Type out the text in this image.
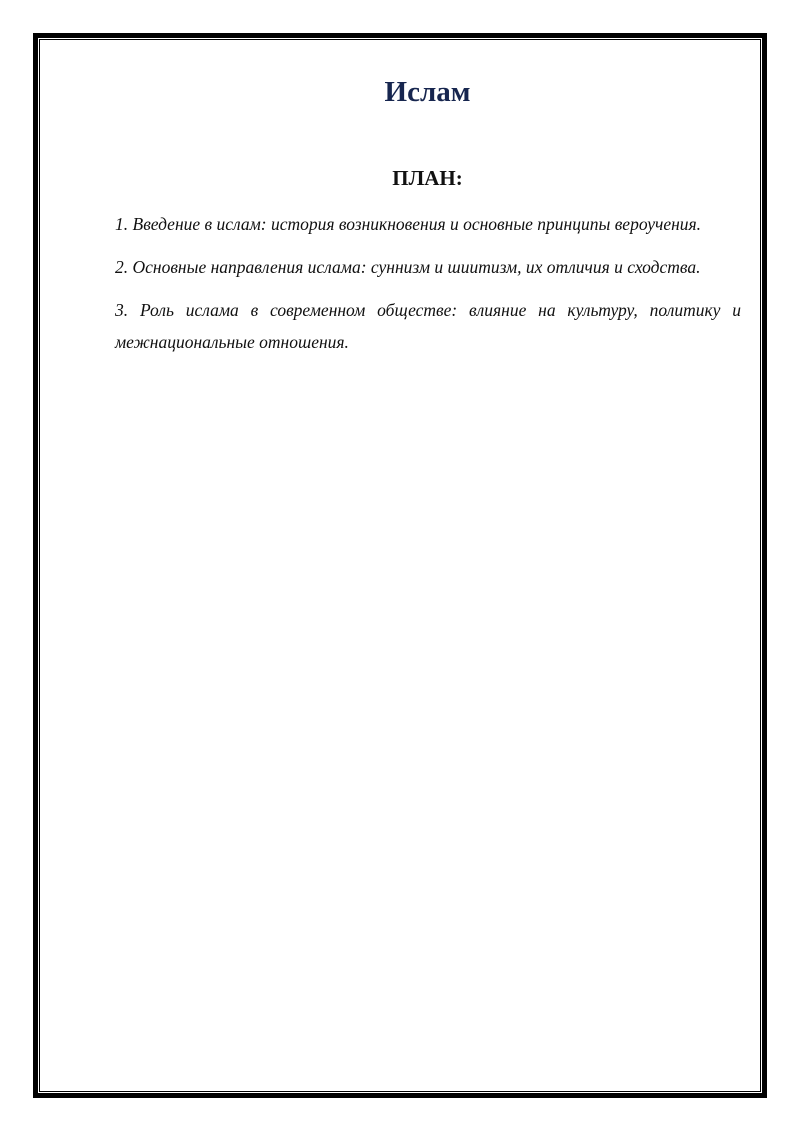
Ислам
ПЛАН:
1. Введение в ислам: история возникновения и основные принципы вероучения.
2. Основные направления ислама: суннизм и шиитизм, их отличия и сходства.
3. Роль ислама в современном обществе: влияние на культуру, политику и межнациональные отношения.
